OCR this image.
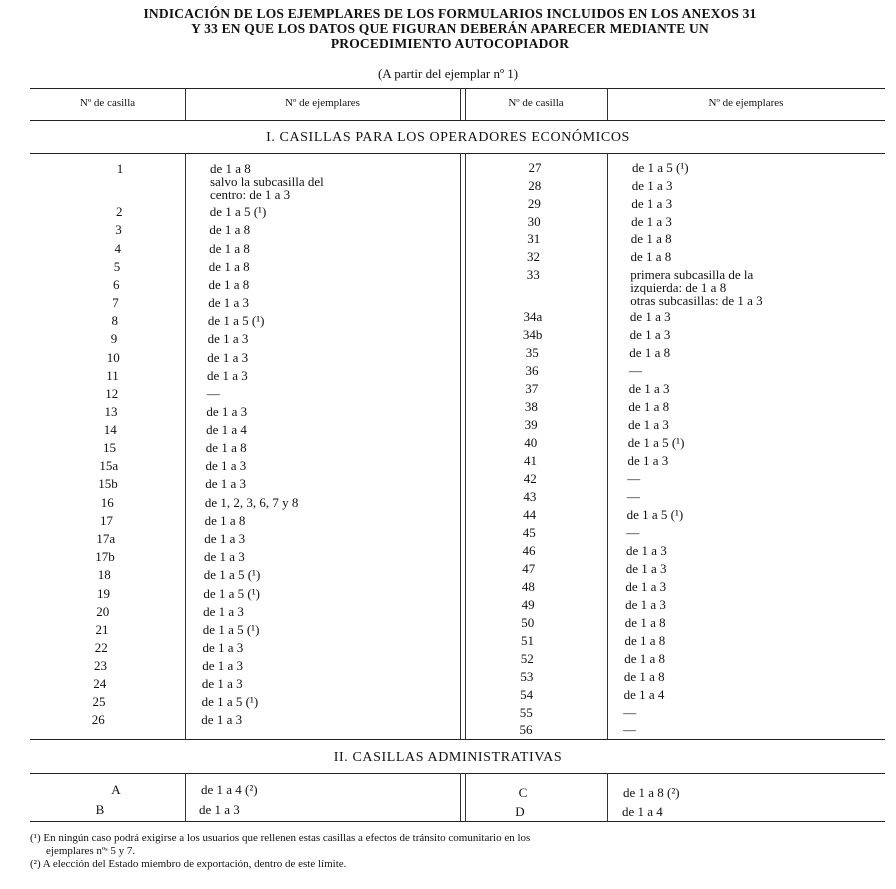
INDICACIÓN DE LOS EJEMPLARES DE LOS FORMULARIOS INCLUIDOS EN LOS ANEXOS 31
Y 33 EN QUE LOS DATOS QUE FIGURAN DEBERÁN APARECER MEDIANTE UN
PROCEDIMIENTO AUTOCOPIADOR
(A partir del ejemplar nº 1)
Nº de casilla	Nº de ejemplares	Nº de casilla	Nº de ejemplares
I. CASILLAS PARA LOS OPERADORES ECONÓMICOS
II. CASILLAS ADMINISTRATIVAS
1	de 1 a 8
salvo la subcasilla del
centro: de 1 a 3
2	de 1 a 5 (¹)
3	de 1 a 8
4	de 1 a 8
5	de 1 a 8
6	de 1 a 8
7	de 1 a 3
8	de 1 a 5 (¹)
9	de 1 a 3
10	de 1 a 3
11	de 1 a 3
12	—
13	de 1 a 3
14	de 1 a 4
15	de 1 a 8
15a	de 1 a 3
15b	de 1 a 3
16	de 1, 2, 3, 6, 7 y 8
17	de 1 a 8
17a	de 1 a 3
17b	de 1 a 3
18	de 1 a 5 (¹)
19	de 1 a 5 (¹)
20	de 1 a 3
21	de 1 a 5 (¹)
22	de 1 a 3
23	de 1 a 3
24	de 1 a 3
25	de 1 a 5 (¹)
26	de 1 a 3
27	de 1 a 5 (¹)
28	de 1 a 3
29	de 1 a 3
30	de 1 a 3
31	de 1 a 8
32	de 1 a 8
33	primera subcasilla de la
izquierda: de 1 a 8
otras subcasillas: de 1 a 3
34a	de 1 a 3
34b	de 1 a 3
35	de 1 a 8
36	—
37	de 1 a 3
38	de 1 a 8
39	de 1 a 3
40	de 1 a 5 (¹)
41	de 1 a 3
42	—
43	—
44	de 1 a 5 (¹)
45	—
46	de 1 a 3
47	de 1 a 3
48	de 1 a 3
49	de 1 a 3
50	de 1 a 8
51	de 1 a 8
52	de 1 a 8
53	de 1 a 8
54	de 1 a 4
55	—
56	—
A	de 1 a 4 (²)	C	de 1 a 8 (²)
B	de 1 a 3	D	de 1 a 4
(¹) En ningún caso podrá exigirse a los usuarios que rellenen estas casillas a efectos de tránsito comunitario en los
ejemplares nºˢ 5 y 7.
(²) A elección del Estado miembro de exportación, dentro de este límite.
